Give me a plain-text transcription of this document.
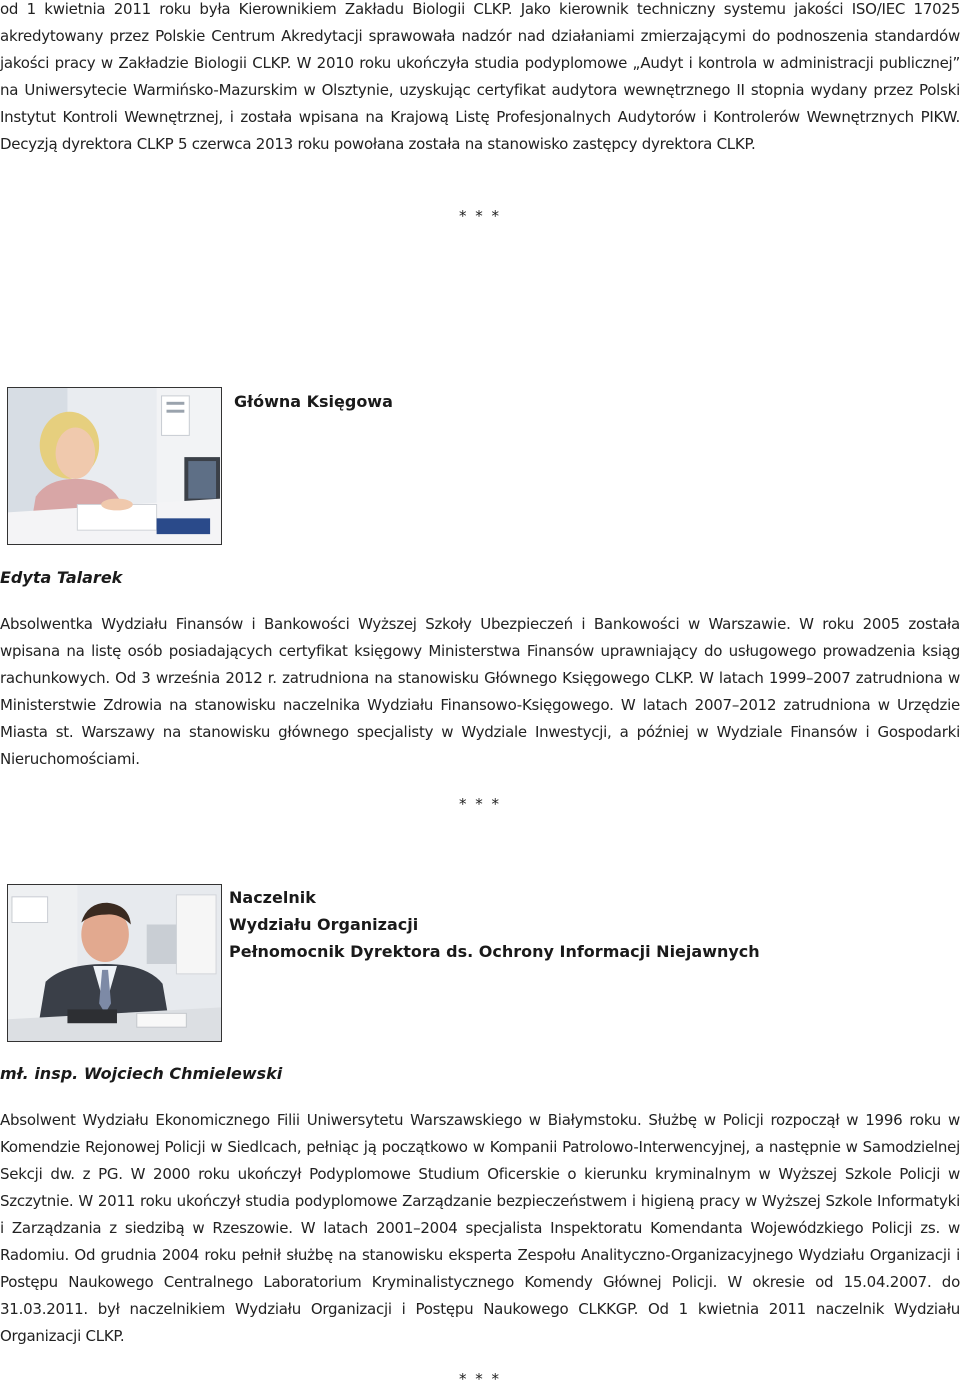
od 1 kwietnia 2011 roku była Kierownikiem Zakładu Biologii CLKP. Jako kierownik techniczny systemu jakości ISO/IEC 17025 akredytowany przez Polskie Centrum Akredytacji sprawowała nadzór nad działaniami zmierzającymi do podnoszenia standardów jakości pracy w Zakładzie Biologii CLKP. W 2010 roku ukończyła studia podyplomowe „Audyt i kontrola w administracji publicznej” na Uniwersytecie Warmińsko-Mazurskim w Olsztynie, uzyskując certyfikat audytora wewnętrznego II stopnia wydany przez Polski Instytut Kontroli Wewnętrznej, i została wpisana na Krajową Listę Profesjonalnych Audytorów i Kontrolerów Wewnętrznych PIKW. Decyzją dyrektora CLKP 5 czerwca 2013 roku powołana została na stanowisko zastępcy dyrektora CLKP.

* * *
Główna Księgowa
Edyta Talarek

Absolwentka Wydziału Finansów i Bankowości Wyższej Szkoły Ubezpieczeń i Bankowości w Warszawie. W roku 2005 została wpisana na listę osób posiadających certyfikat księgowy Ministerstwa Finansów uprawniający do usługowego prowadzenia ksiąg rachunkowych. Od 3 września 2012 r. zatrudniona na stanowisku Głównego Księgowego CLKP. W latach 1999–2007 zatrudniona w Ministerstwie Zdrowia na stanowisku naczelnika Wydziału Finansowo-Księgowego. W latach 2007–2012 zatrudniona w Urzędzie Miasta st. Warszawy na stanowisku głównego specjalisty w Wydziale Inwestycji, a później w Wydziale Finansów i Gospodarki Nieruchomościami.

* * *
Naczelnik
Wydziału Organizacji
Pełnomocnik Dyrektora ds. Ochrony Informacji Niejawnych
mł. insp. Wojciech Chmielewski

Absolwent Wydziału Ekonomicznego Filii Uniwersytetu Warszawskiego w Białymstoku. Służbę w Policji rozpoczął w 1996 roku w Komendzie Rejonowej Policji w Siedlcach, pełniąc ją początkowo w Kompanii Patrolowo-Interwencyjnej, a następnie w Samodzielnej Sekcji dw. z PG. W 2000 roku ukończył Podyplomowe Studium Oficerskie o kierunku kryminalnym w Wyższej Szkole Policji w Szczytnie. W 2011 roku ukończył studia podyplomowe Zarządzanie bezpieczeństwem i higieną pracy w Wyższej Szkole Informatyki i Zarządzania z siedzibą w Rzeszowie. W latach 2001–2004 specjalista Inspektoratu Komendanta Wojewódzkiego Policji zs. w Radomiu. Od grudnia 2004 roku pełnił służbę na stanowisku eksperta Zespołu Analityczno-Organizacyjnego Wydziału Organizacji i Postępu Naukowego Centralnego Laboratorium Kryminalistycznego Komendy Głównej Policji. W okresie od 15.04.2007. do 31.03.2011. był naczelnikiem Wydziału Organizacji i Postępu Naukowego CLKKGP. Od 1 kwietnia 2011 naczelnik Wydziału Organizacji CLKP.

* * *
